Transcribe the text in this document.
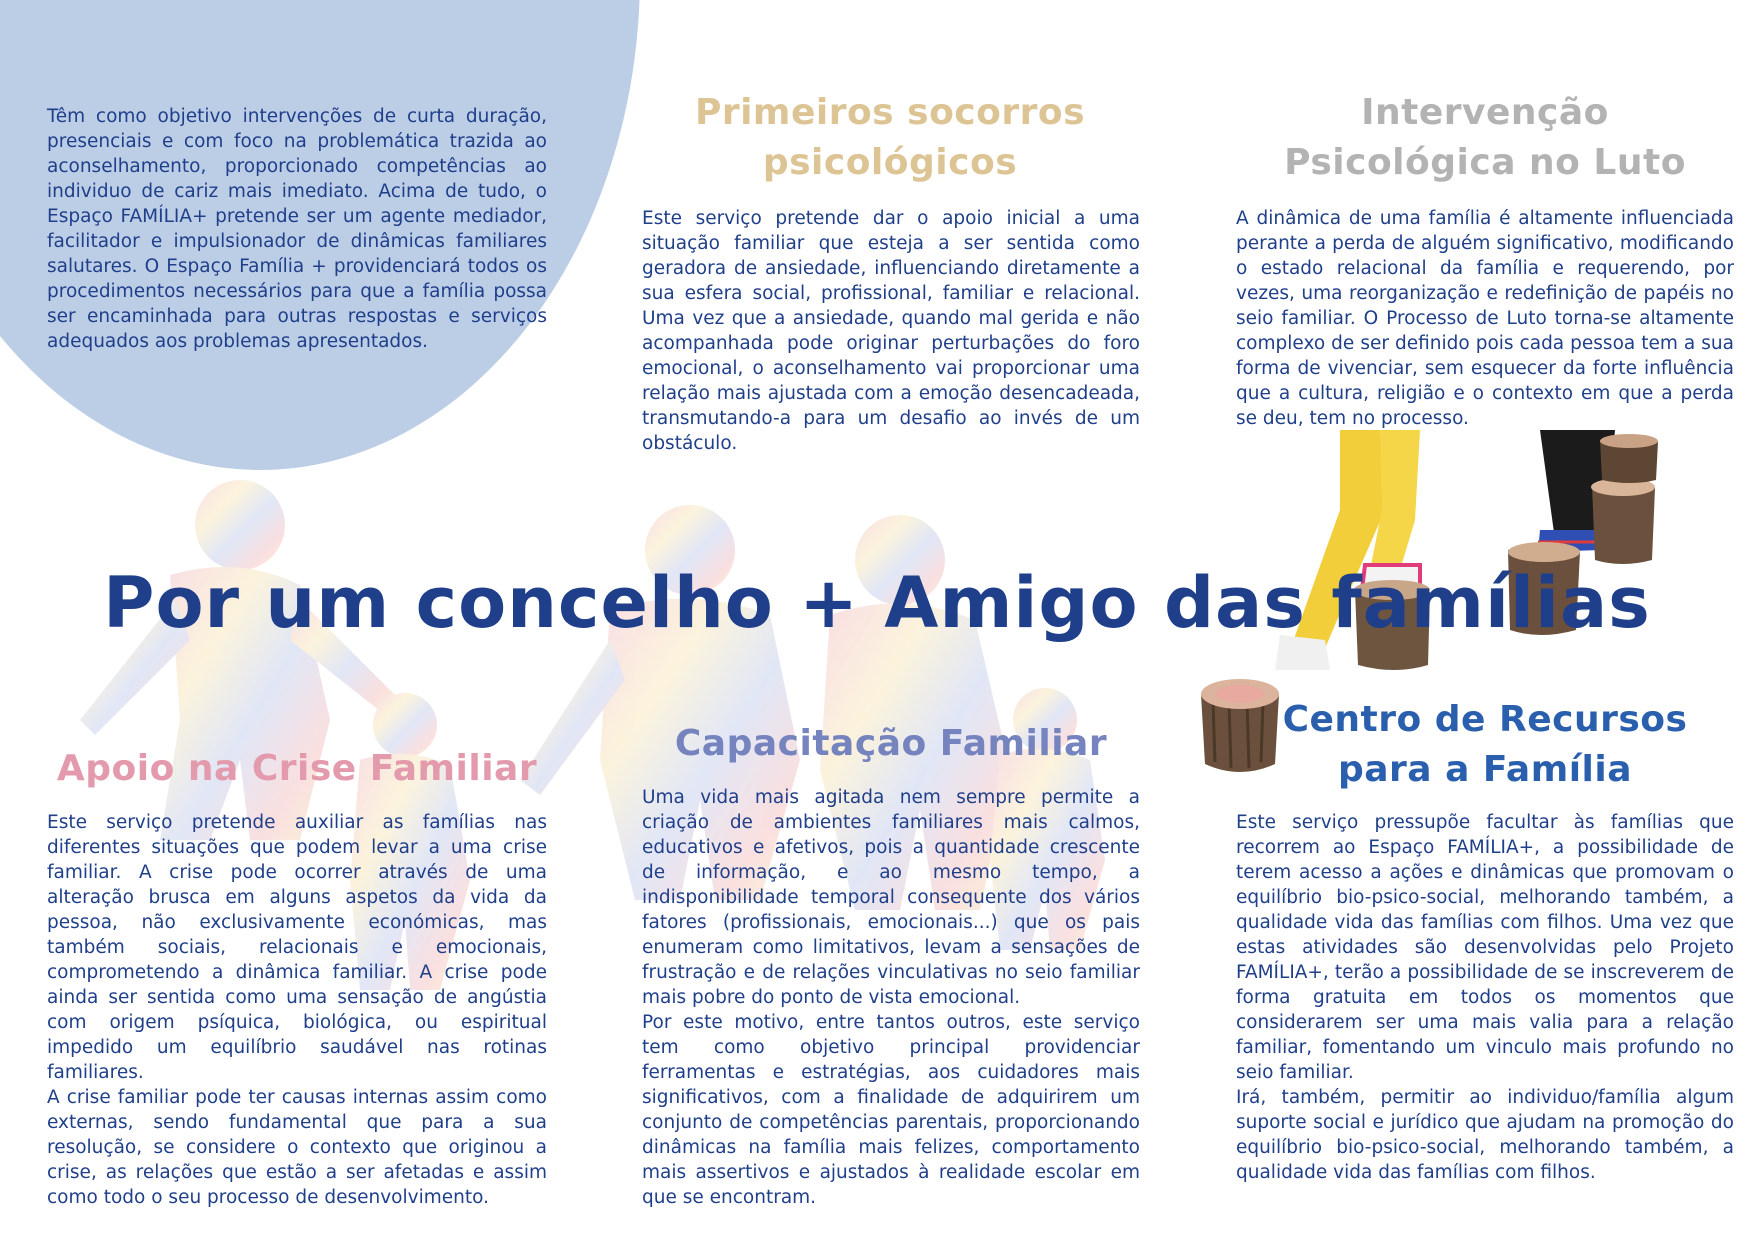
Têm como objetivo intervenções de curta duração, presenciais e com foco na problemática trazida ao aconselhamento, proporcionado competências ao individuo de cariz mais imediato. Acima de tudo, o Espaço FAMÍLIA+ pretende ser um agente mediador, facilitador e impulsionador de dinâmicas familiares salutares. O Espaço Família + providenciará todos os procedimentos necessários para que a família possa ser encaminhada para outras respostas e serviços adequados aos problemas apresentados.
Primeiros socorros
psicológicos
Este serviço pretende dar o apoio inicial a uma situação familiar que esteja a ser sentida como geradora de ansiedade, influenciando diretamente a sua esfera social, profissional, familiar e relacional. Uma vez que a ansiedade, quando mal gerida e não acompanhada pode originar perturbações do foro emocional, o aconselhamento vai proporcionar uma relação mais ajustada com a emoção desencadeada, transmutando-a para um desafio ao invés de um obstáculo.
Intervenção
Psicológica no Luto
A dinâmica de uma família é altamente influenciada perante a perda de alguém significativo, modificando o estado relacional da família e requerendo, por vezes, uma reorganização e redefinição de papéis no seio familiar. O Processo de Luto torna-se altamente complexo de ser definido pois cada pessoa tem a sua forma de vivenciar, sem esquecer da forte influência que a cultura, religião e o contexto em que a perda se deu, tem no processo.
Por um concelho + Amigo das famílias
Apoio na Crise Familiar

Este serviço pretende auxiliar as famílias nas diferentes situações que podem levar a uma crise familiar. A crise pode ocorrer através de uma alteração brusca em alguns aspetos da vida da pessoa, não exclusivamente económicas, mas também sociais, relacionais e emocionais, comprometendo a dinâmica familiar. A crise pode ainda ser sentida como uma sensação de angústia com origem psíquica, biológica, ou espiritual impedido um equilíbrio saudável nas rotinas familiares.

A crise familiar pode ter causas internas assim como externas, sendo fundamental que para a sua resolução, se considere o contexto que originou a crise, as relações que estão a ser afetadas e assim como todo o seu processo de desenvolvimento.

Capacitação Familiar

Uma vida mais agitada nem sempre permite a criação de ambientes familiares mais calmos, educativos e afetivos, pois a quantidade crescente de informação, e ao mesmo tempo, a indisponibilidade temporal consequente dos vários fatores (profissionais, emocionais...) que os pais enumeram como limitativos, levam a sensações de frustração e de relações vinculativas no seio familiar mais pobre do ponto de vista emocional.

Por este motivo, entre tantos outros, este serviço tem como objetivo principal providenciar ferramentas e estratégias, aos cuidadores mais significativos, com a finalidade de adquirirem um conjunto de competências parentais, proporcionando dinâmicas na família mais felizes, comportamento mais assertivos e ajustados à realidade escolar em que se encontram.

Centro de Recursos
para a Família

Este serviço pressupõe facultar às famílias que recorrem ao Espaço FAMÍLIA+, a possibilidade de terem acesso a ações e dinâmicas que promovam o equilíbrio bio-psico-social, melhorando também, a qualidade vida das famílias com filhos. Uma vez que estas atividades são desenvolvidas pelo Projeto FAMÍLIA+, terão a possibilidade de se inscreverem de forma gratuita em todos os momentos que considerarem ser uma mais valia para a relação familiar, fomentando um vinculo mais profundo no seio familiar.

Irá, também, permitir ao individuo/família algum suporte social e jurídico que ajudam na promoção do equilíbrio bio-psico-social, melhorando também, a qualidade vida das famílias com filhos.
